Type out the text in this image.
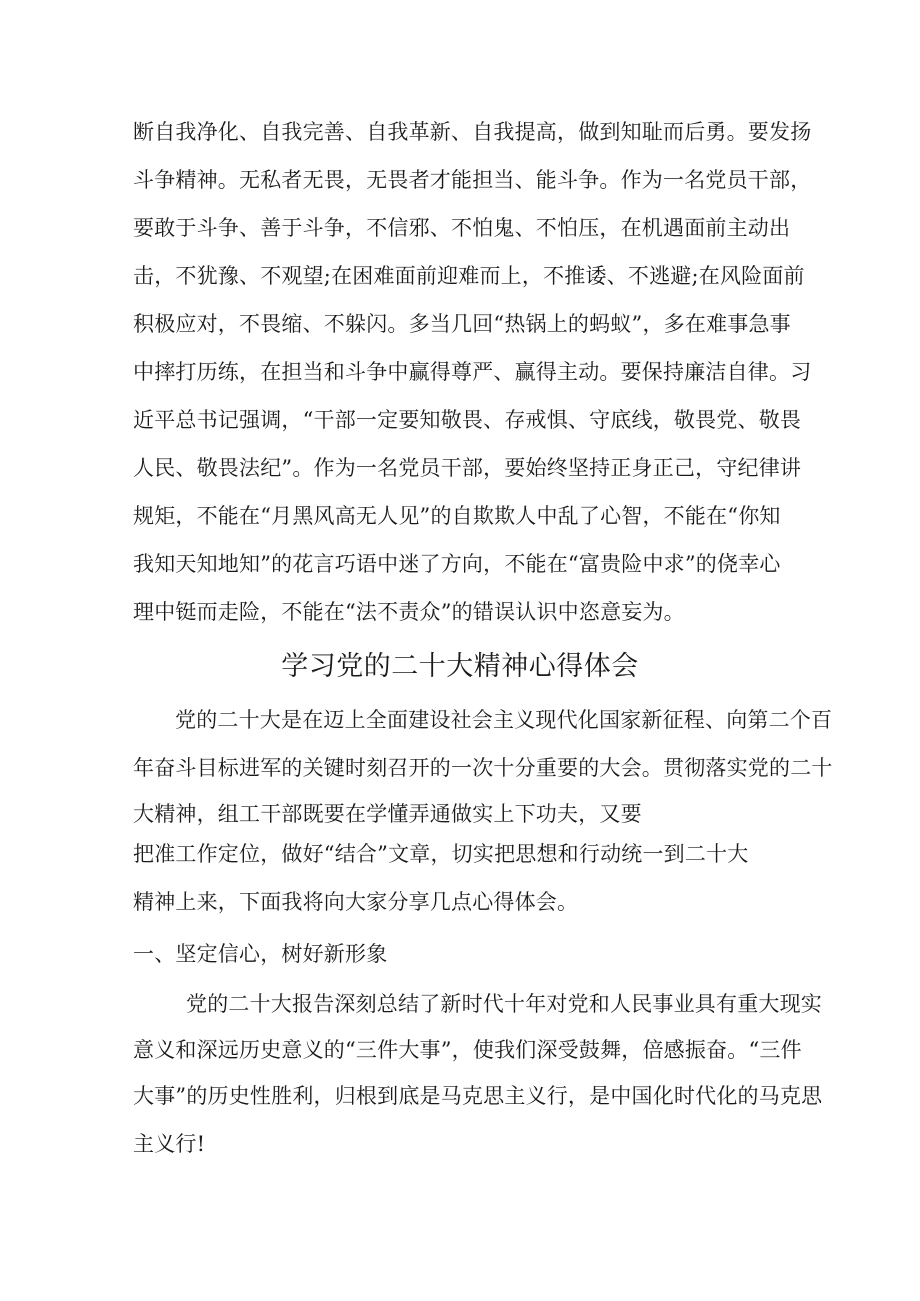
断自我净化、自我完善、自我革新、自我提高，做到知耻而后勇。要发扬
斗争精神。无私者无畏，无畏者才能担当、能斗争。作为一名党员干部，
要敢于斗争、善于斗争，不信邪、不怕鬼、不怕压，在机遇面前主动出
击，不犹豫、不观望;在困难面前迎难而上，不推诿、不逃避;在风险面前
积极应对，不畏缩、不躲闪。多当几回“热锅上的蚂蚁”，多在难事急事
中摔打历练，在担当和斗争中赢得尊严、赢得主动。要保持廉洁自律。习
近平总书记强调，“干部一定要知敬畏、存戒惧、守底线，敬畏党、敬畏
人民、敬畏法纪”。作为一名党员干部，要始终坚持正身正己，守纪律讲
规矩，不能在“月黑风高无人见”的自欺欺人中乱了心智，不能在“你知
我知天知地知”的花言巧语中迷了方向，不能在“富贵险中求”的侥幸心
理中铤而走险，不能在“法不责众”的错误认识中恣意妄为。
学习党的二十大精神心得体会
党的二十大是在迈上全面建设社会主义现代化国家新征程、向第二个百
年奋斗目标进军的关键时刻召开的一次十分重要的大会。贯彻落实党的二十
大精神，组工干部既要在学懂弄通做实上下功夫，又要
把准工作定位，做好“结合”文章，切实把思想和行动统一到二十大
精神上来，下面我将向大家分享几点心得体会。
一、坚定信心，树好新形象
党的二十大报告深刻总结了新时代十年对党和人民事业具有重大现实
意义和深远历史意义的“三件大事”，使我们深受鼓舞，倍感振奋。“三件
大事”的历史性胜利，归根到底是马克思主义行，是中国化时代化的马克思
主义行!
